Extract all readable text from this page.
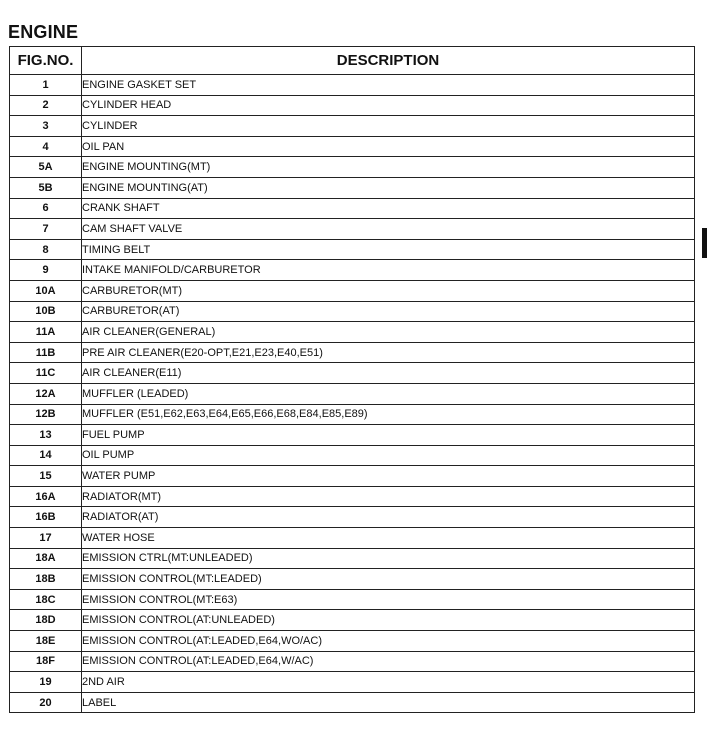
ENGINE
FIG.NO.	DESCRIPTION
1	ENGINE GASKET SET
2	CYLINDER HEAD
3	CYLINDER
4	OIL PAN
5A	ENGINE MOUNTING(MT)
5B	ENGINE MOUNTING(AT)
6	CRANK SHAFT
7	CAM SHAFT VALVE
8	TIMING BELT
9	INTAKE MANIFOLD/CARBURETOR
10A	CARBURETOR(MT)
10B	CARBURETOR(AT)
11A	AIR CLEANER(GENERAL)
11B	PRE AIR CLEANER(E20-OPT,E21,E23,E40,E51)
11C	AIR CLEANER(E11)
12A	MUFFLER (LEADED)
12B	MUFFLER (E51,E62,E63,E64,E65,E66,E68,E84,E85,E89)
13	FUEL PUMP
14	OIL PUMP
15	WATER PUMP
16A	RADIATOR(MT)
16B	RADIATOR(AT)
17	WATER HOSE
18A	EMISSION CTRL(MT:UNLEADED)
18B	EMISSION CONTROL(MT:LEADED)
18C	EMISSION CONTROL(MT:E63)
18D	EMISSION CONTROL(AT:UNLEADED)
18E	EMISSION CONTROL(AT:LEADED,E64,WO/AC)
18F	EMISSION CONTROL(AT:LEADED,E64,W/AC)
19	2ND AIR
20	LABEL
